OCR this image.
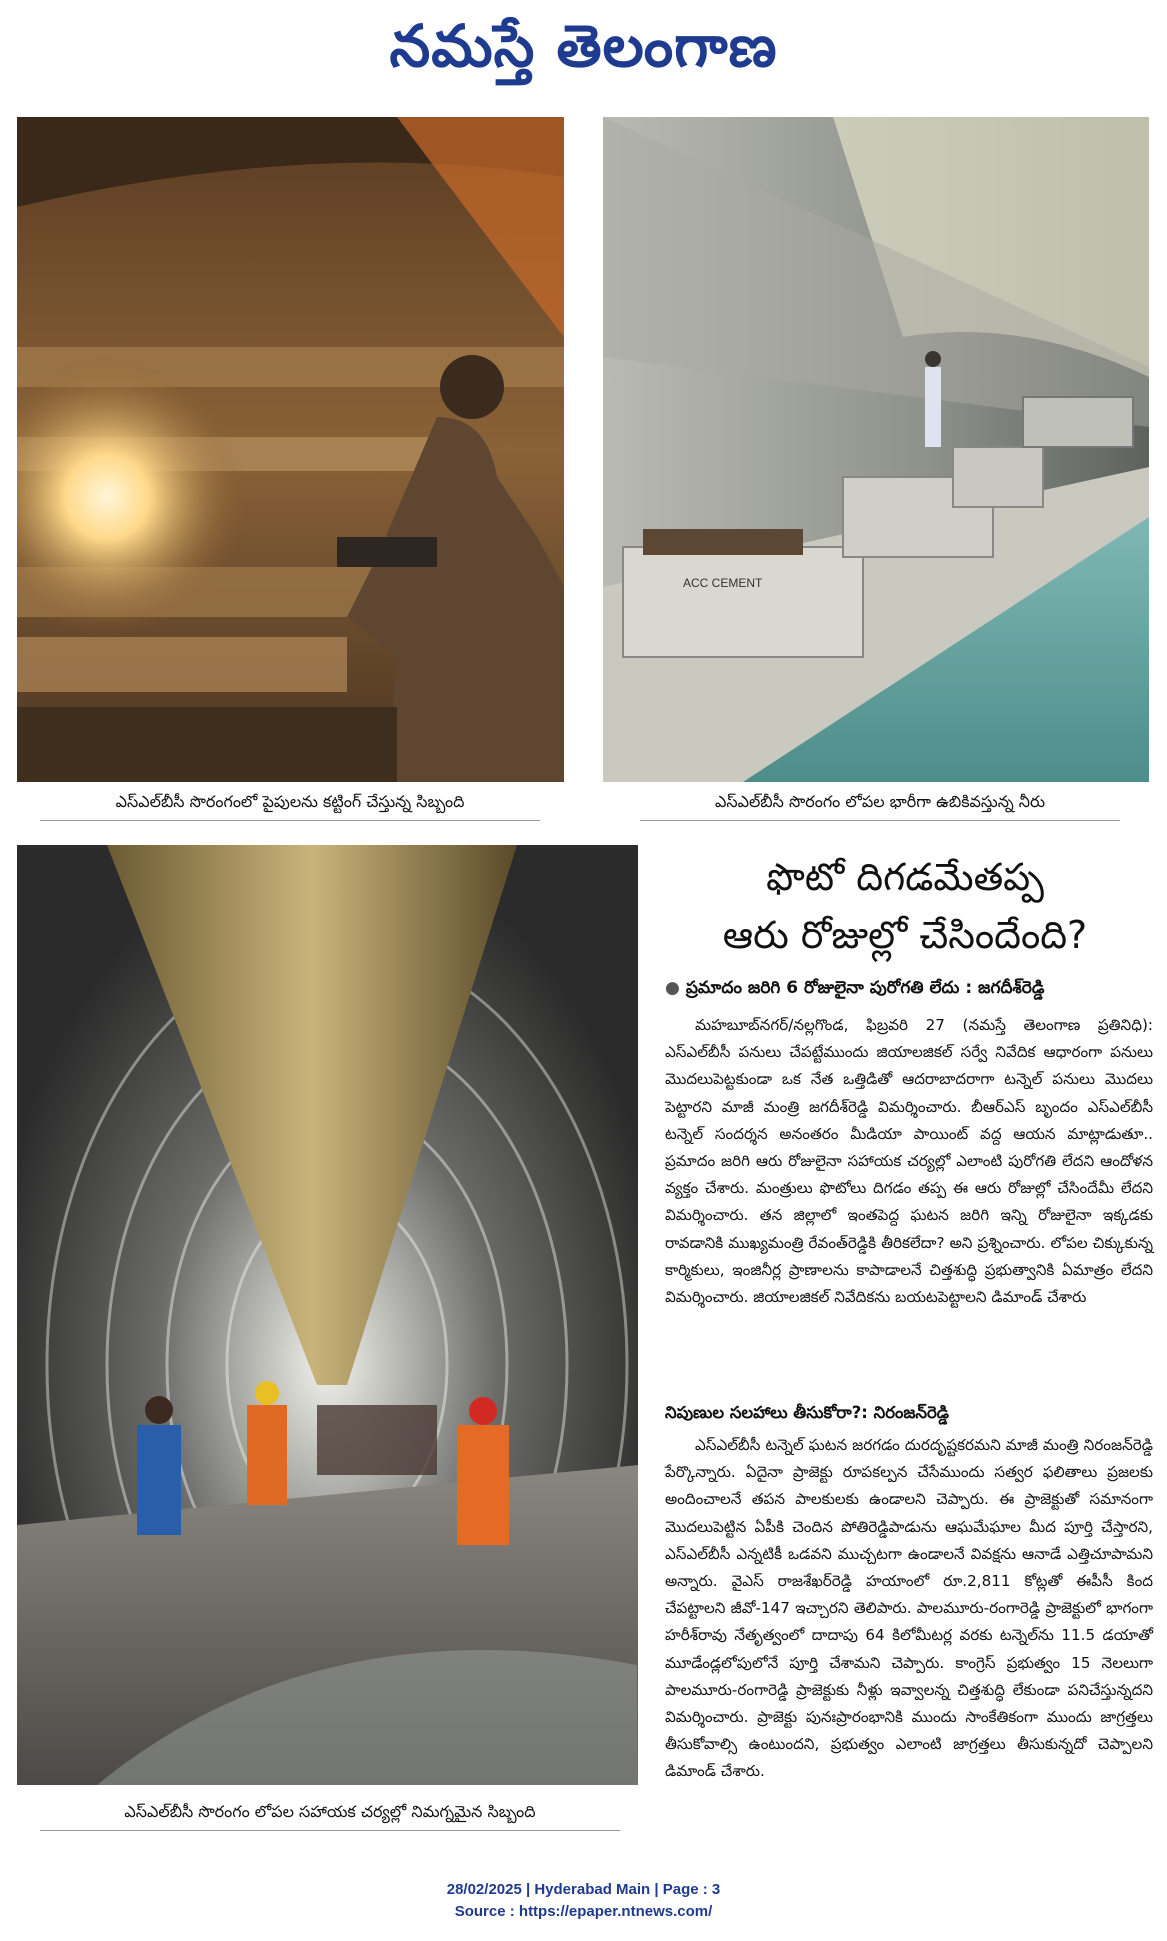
నమస్తే తెలంగాణ
ACC CEMENT
ఎస్‌ఎల్‌బీసీ సొరంగంలో పైపులను కట్టింగ్ చేస్తున్న సిబ్బంది	ఎస్‌ఎల్‌బీసీ సొరంగం లోపల భారీగా ఉబికివస్తున్న నీరు
ఎస్‌ఎల్‌బీసీ సొరంగం లోపల సహాయక చర్యల్లో నిమగ్నమైన సిబ్బంది
ఫొటో దిగడమేతప్ప
ఆరు రోజుల్లో చేసిందేంది?
● ప్రమాదం జరిగి 6 రోజులైనా పురోగతి లేదు : జగదీశ్‌రెడ్డి

మహబూబ్‌నగర్/నల్లగొండ, ఫిబ్రవరి 27 (నమస్తే తెలంగాణ ప్రతినిధి): ఎస్‌ఎల్‌బీసీ పనులు చేపట్టేముందు జియాలజికల్ సర్వే నివేదిక ఆధారంగా పనులు మొదలుపెట్టకుండా ఒక నేత ఒత్తిడితో ఆదరాబాదరాగా టన్నెల్ పనులు మొదలు పెట్టారని మాజీ మంత్రి జగదీశ్‌రెడ్డి విమర్శించారు. బీఆర్‌ఎస్ బృందం ఎస్‌ఎల్‌బీసీ టన్నెల్ సందర్శన అనంతరం మీడియా పాయింట్ వద్ద ఆయన మాట్లాడుతూ.. ప్రమాదం జరిగి ఆరు రోజులైనా సహాయక చర్యల్లో ఎలాంటి పురోగతి లేదని ఆందోళన వ్యక్తం చేశారు. మంత్రులు ఫొటోలు దిగడం తప్ప ఈ ఆరు రోజుల్లో చేసిందేమీ లేదని విమర్శించారు. తన జిల్లాలో ఇంతపెద్ద ఘటన జరిగి ఇన్ని రోజులైనా ఇక్కడకు రావడానికి ముఖ్యమంత్రి రేవంత్‌రెడ్డికి తీరికలేదా? అని ప్రశ్నించారు. లోపల చిక్కుకున్న కార్మికులు, ఇంజినీర్ల ప్రాణాలను కాపాడాలనే చిత్తశుద్ధి ప్రభుత్వానికి ఏమాత్రం లేదని విమర్శించారు. జియాలజికల్ నివేదికను బయటపెట్టాలని డిమాండ్ చేశారు

నిపుణుల సలహాలు తీసుకోరా?: నిరంజన్‌రెడ్డి

ఎస్‌ఎల్‌బీసీ టన్నెల్ ఘటన జరగడం దురదృష్టకరమని మాజీ మంత్రి నిరంజన్‌రెడ్డి పేర్కొన్నారు. ఏదైనా ప్రాజెక్టు రూపకల్పన చేసేముందు సత్వర ఫలితాలు ప్రజలకు అందించాలనే తపన పాలకులకు ఉండాలని చెప్పారు. ఈ ప్రాజెక్టుతో సమానంగా మొదలుపెట్టిన ఏపీకి చెందిన పోతిరెడ్డిపాడును ఆఘమేఘాల మీద పూర్తి చేస్తారని, ఎస్‌ఎల్‌బీసీ ఎన్నటికీ ఒడవని ముచ్చటగా ఉండాలనే వివక్షను ఆనాడే ఎత్తిచూపామని అన్నారు. వైఎస్ రాజశేఖర్‌రెడ్డి హయాంలో రూ.2,811 కోట్లతో ఈపీసీ కింద చేపట్టాలని జీవో-147 ఇచ్చారని తెలిపారు. పాలమూరు-రంగారెడ్డి ప్రాజెక్టులో భాగంగా హరీశ్‌రావు నేతృత్వంలో దాదాపు 64 కిలోమీటర్ల వరకు టన్నెల్‌ను 11.5 డయాతో మూడేండ్లలోపులోనే పూర్తి చేశామని చెప్పారు. కాంగ్రెస్ ప్రభుత్వం 15 నెలలుగా పాలమూరు-రంగారెడ్డి ప్రాజెక్టుకు నీళ్లు ఇవ్వాలన్న చిత్తశుద్ధి లేకుండా పనిచేస్తున్నదని విమర్శించారు. ప్రాజెక్టు పునఃప్రారంభానికి ముందు సాంకేతికంగా ముందు జాగ్రత్తలు తీసుకోవాల్సి ఉంటుందని, ప్రభుత్వం ఎలాంటి జాగ్రత్తలు తీసుకున్నదో చెప్పాలని డిమాండ్ చేశారు.

28/02/2025 | Hyderabad Main | Page : 3
Source : https://epaper.ntnews.com/
